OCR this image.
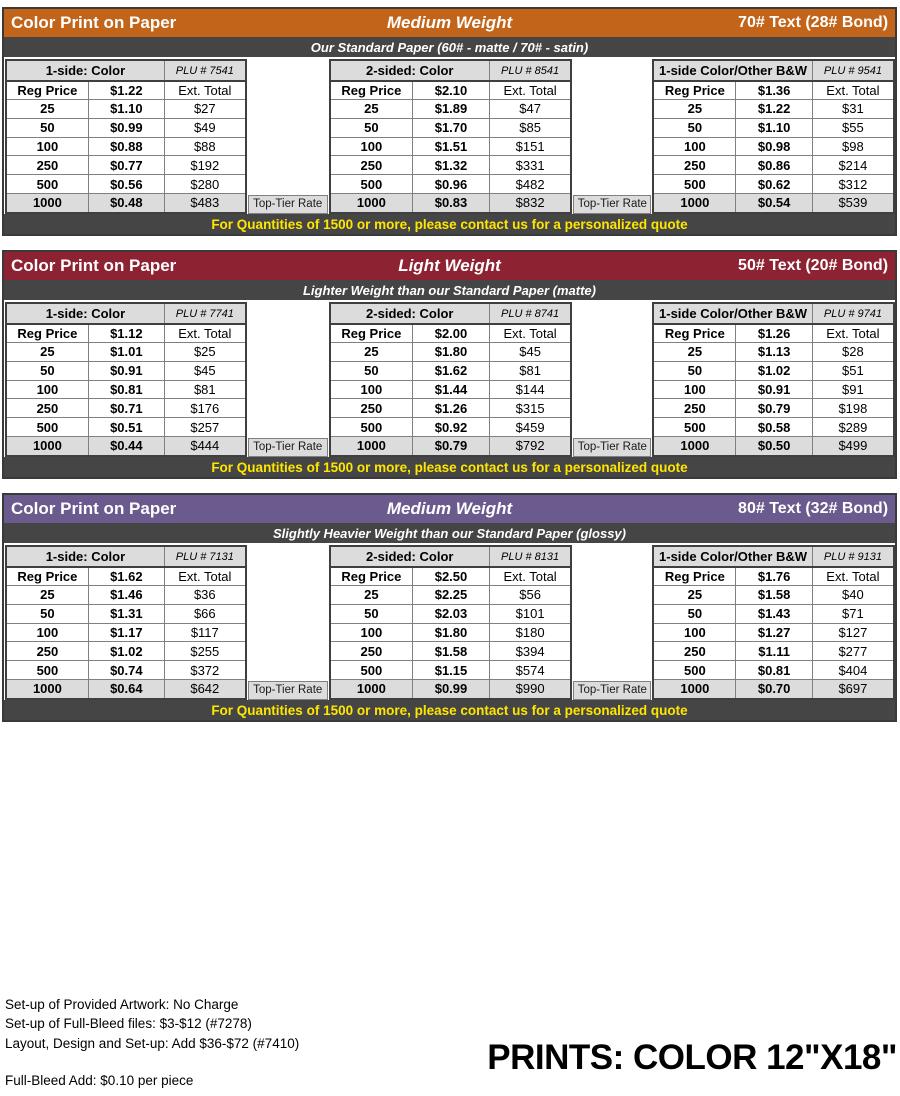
Color Print on Paper	Medium Weight	70# Text (28# Bond)
Our Standard Paper (60# - matte / 70# - satin)
1-side: Color	PLU # 7541
Reg Price	$1.22	Ext. Total
25	$1.10	$27
50	$0.99	$49
100	$0.88	$88
250	$0.77	$192
500	$0.56	$280
1000	$0.48	$483	Top-Tier Rate
2-sided: Color	PLU # 8541
Reg Price	$2.10	Ext. Total
25	$1.89	$47
50	$1.70	$85
100	$1.51	$151
250	$1.32	$331
500	$0.96	$482
1000	$0.83	$832	Top-Tier Rate
1-side Color/Other B&W	PLU # 9541
Reg Price	$1.36	Ext. Total
25	$1.22	$31
50	$1.10	$55
100	$0.98	$98
250	$0.86	$214
500	$0.62	$312
1000	$0.54	$539
For Quantities of 1500 or more, please contact us for a personalized quote
Color Print on Paper	Light Weight	50# Text (20# Bond)
Lighter Weight than our Standard Paper (matte)
1-side: Color	PLU # 7741
Reg Price	$1.12	Ext. Total
25	$1.01	$25
50	$0.91	$45
100	$0.81	$81
250	$0.71	$176
500	$0.51	$257
1000	$0.44	$444	Top-Tier Rate
2-sided: Color	PLU # 8741
Reg Price	$2.00	Ext. Total
25	$1.80	$45
50	$1.62	$81
100	$1.44	$144
250	$1.26	$315
500	$0.92	$459
1000	$0.79	$792	Top-Tier Rate
1-side Color/Other B&W	PLU # 9741
Reg Price	$1.26	Ext. Total
25	$1.13	$28
50	$1.02	$51
100	$0.91	$91
250	$0.79	$198
500	$0.58	$289
1000	$0.50	$499
For Quantities of 1500 or more, please contact us for a personalized quote
Color Print on Paper	Medium Weight	80# Text (32# Bond)
Slightly Heavier Weight than our Standard Paper (glossy)
1-side: Color	PLU # 7131
Reg Price	$1.62	Ext. Total
25	$1.46	$36
50	$1.31	$66
100	$1.17	$117
250	$1.02	$255
500	$0.74	$372
1000	$0.64	$642	Top-Tier Rate
2-sided: Color	PLU # 8131
Reg Price	$2.50	Ext. Total
25	$2.25	$56
50	$2.03	$101
100	$1.80	$180
250	$1.58	$394
500	$1.15	$574
1000	$0.99	$990	Top-Tier Rate
1-side Color/Other B&W	PLU # 9131
Reg Price	$1.76	Ext. Total
25	$1.58	$40
50	$1.43	$71
100	$1.27	$127
250	$1.11	$277
500	$0.81	$404
1000	$0.70	$697
For Quantities of 1500 or more, please contact us for a personalized quote
Set-up of Provided Artwork: No Charge
Set-up of Full-Bleed files: $3-$12 (#7278)
Layout, Design and Set-up: Add $36-$72 (#7410)
Full-Bleed Add: $0.10 per piece
PRINTS: COLOR 12"X18"
